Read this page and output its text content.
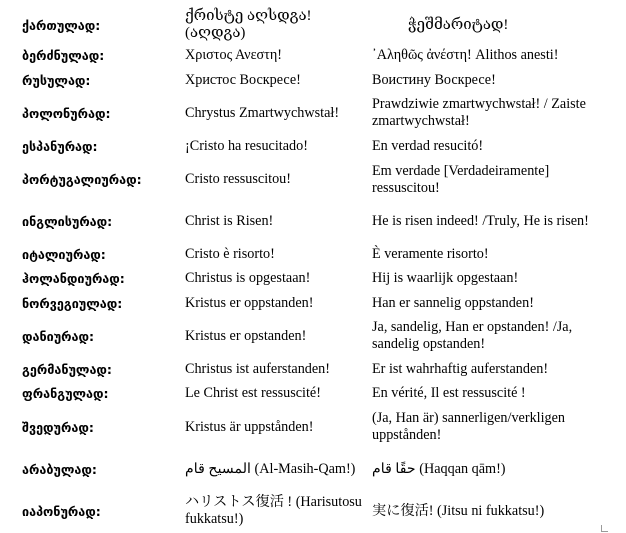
ქართულად:	ქრისტე აღსდგა! (აღდგა)	ჭეშმარიტად!
ბერძნულად:	Χριστος Ανεστη!	᾿Αληθῶς ἀνέστη! Alithos anesti!
რუსულად:	Христос Воскресе!	Воистину Воскресе!
პოლონურად:	Chrystus Zmartwychwstał!	Prawdziwie zmartwychwstał! / Zaiste zmartwychwstał!
ესპანურად:	¡Cristo ha resucitado!	En verdad resucitó!
პორტუგალიურად:	Cristo ressuscitou!	Em verdade [Verdadeiramente] ressuscitou!
ინგლისურად:	Christ is Risen!	He is risen indeed! /Truly, He is risen!
იტალიურად:	Cristo è risorto!	È veramente risorto!
ჰოლანდიურად:	Christus is opgestaan!	Hij is waarlijk opgestaan!
ნორვეგიულად:	Kristus er oppstanden!	Han er sannelig oppstanden!
დანიურად:	Kristus er opstanden!	Ja, sandelig, Han er opstanden! /Ja, sandelig opstanden!
გერმანულად:	Christus ist auferstanden!	Er ist wahrhaftig auferstanden!
ფრანგულად:	Le Christ est ressuscité!	En vérité, Il est ressuscité !
შვედურად:	Kristus är uppstånden!	(Ja, Han är) sannerligen/verkligen uppstånden!
არაბულად:	المسيح قام (Al-Masih-Qam!)	حقًا قام (Haqqan qām!)
იაპონურად:	ハリストス復活 ! (Harisutosu fukkatsu!)	実に復活! (Jitsu ni fukkatsu!)
